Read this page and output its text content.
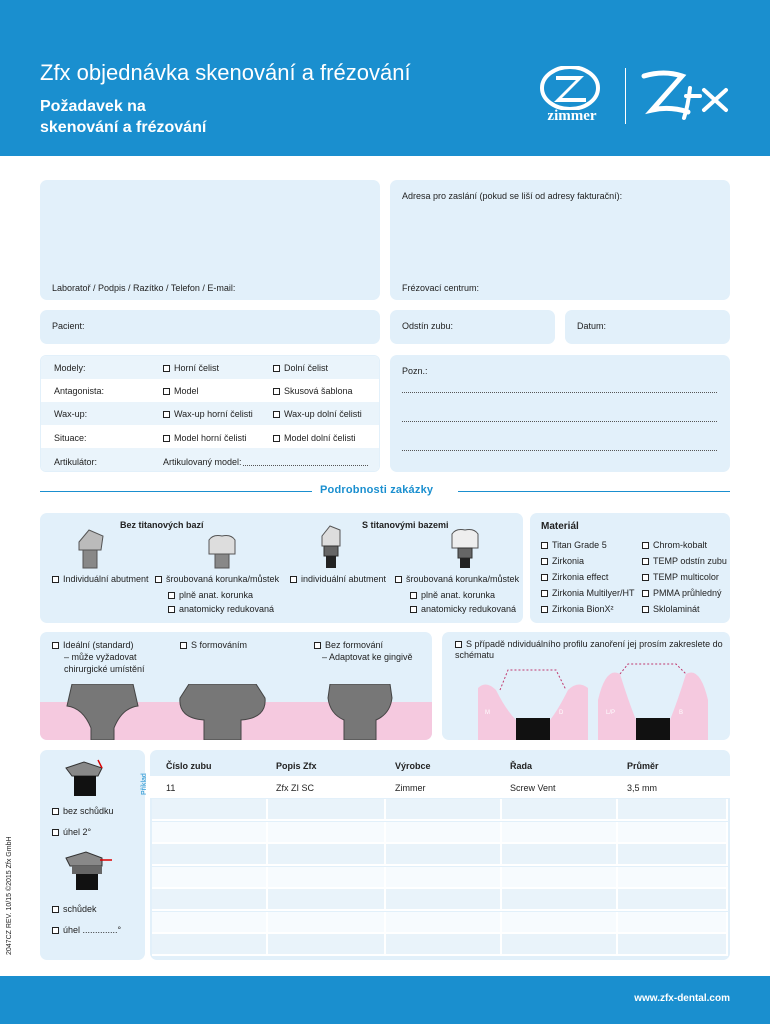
Zfx objednávka skenování a frézování
Požadavek na
skenování a frézování
zimmer
Laboratoř / Podpis / Razítko / Telefon / E-mail:
Adresa pro zaslání (pokud se liší od adresy fakturační):
Frézovací centrum:
Pacient:	Odstín zubu:	Datum:
Modely:	Horní čelist	Dolní čelist
Antagonista:	Model	Skusová šablona
Wax-up:	Wax-up horní čelisti	Wax-up dolní čelisti
Situace:	Model horní čelisti	Model dolní čelisti
Artikulátor:	Artikulovaný model:
Pozn.:
Podrobnosti zakázky
Bez titanových bazí	S titanovými bazemi
Individuální abutment	šroubovaná korunka/můstek	individuální abutment	šroubovaná korunka/můstek
plně anat. korunka
anatomicky redukovaná
plně anat. korunka
anatomicky redukovaná
Materiál
Titan Grade 5
Zirkonia
Zirkonia effect
Zirkonia Multilyer/HT
Zirkonia BionX²
Chrom-kobalt
TEMP odstín zubu
TEMP multicolor
PMMA průhledný
Sklolaminát
Ideální (standard)
– může vyžadovat
chirurgické umístění
S formováním	Bez formování
– Adaptovat ke gingivě
S případě ndividuálního profilu zanoření jej prosím zakreslete do schématu
M	D	L/P	B
bez schůdku
úhel 2°
schůdek
úhel ..............°
Příklad
Číslo zubu	Popis Zfx	Výrobce	Řada	Průměr
11	Zfx ZI SC	Zimmer	Screw Vent	3,5 mm
2047CZ REV. 10/15 ©2015 Zfx GmbH
www.zfx-dental.com
